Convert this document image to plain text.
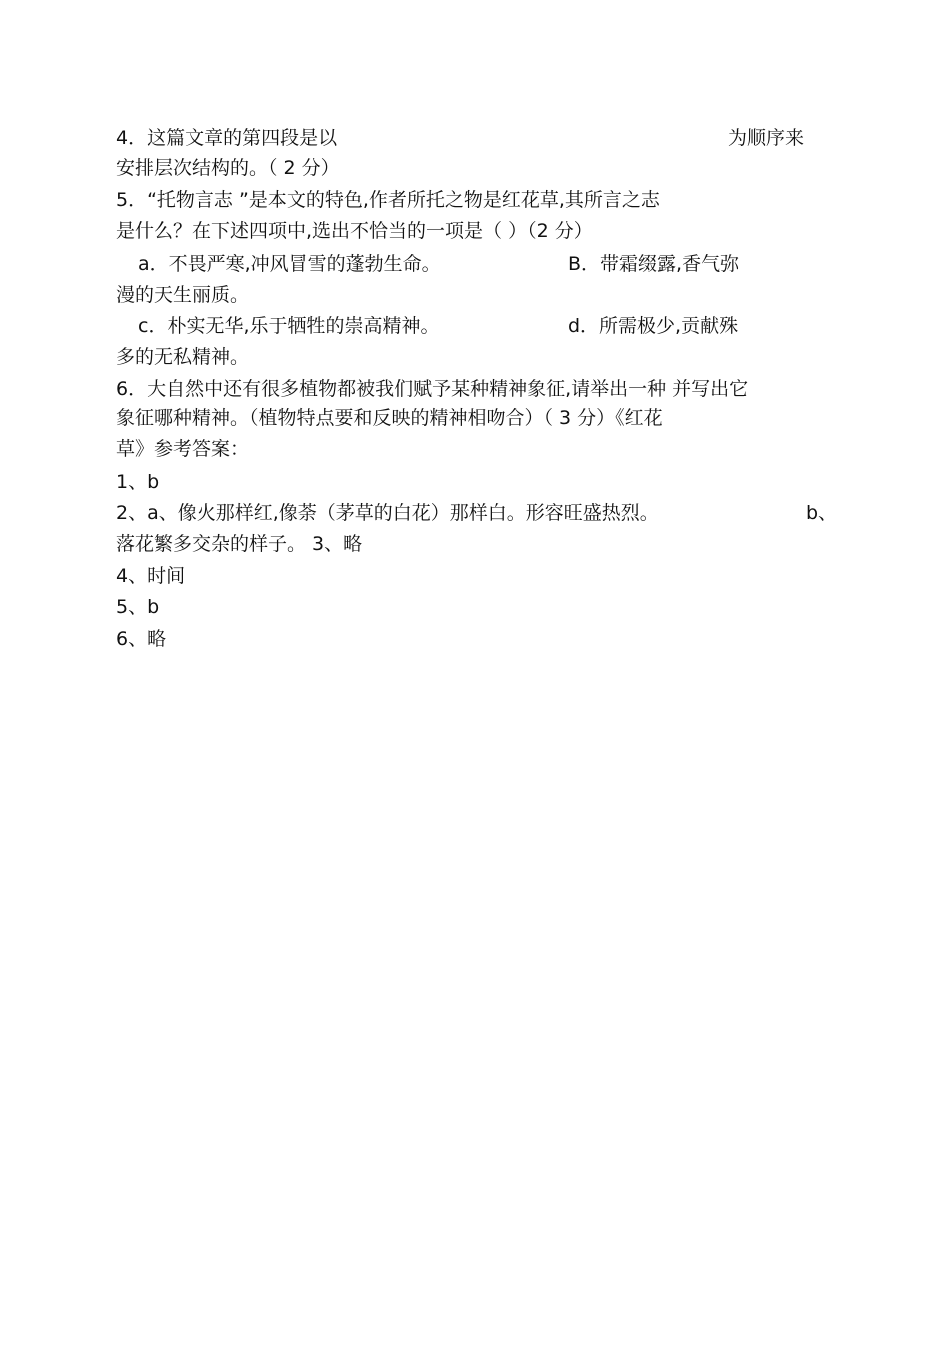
4．这篇文章的第四段是以	为顺序来
安排层次结构的。（ 2 分）
5．“托物言志 ”是本文的特色,作者所托之物是红花草,其所言之志
是什么？在下述四项中,选出不恰当的一项是（ ）（2 分）
a．不畏严寒,冲风冒雪的蓬勃生命。	B．带霜缀露,香气弥
漫的天生丽质。
c．朴实无华,乐于牺牲的崇高精神。	d．所需极少,贡献殊
多的无私精神。
6．大自然中还有很多植物都被我们赋予某种精神象征,请举出一种 并写出它
象征哪种精神。（植物特点要和反映的精神相吻合）（ 3 分）《红花
草》参考答案：
1、b
2、a、像火那样红,像荼（茅草的白花）那样白。形容旺盛热烈。	b、
落花繁多交杂的样子。 3、略
4、时间
5、b
6、略
